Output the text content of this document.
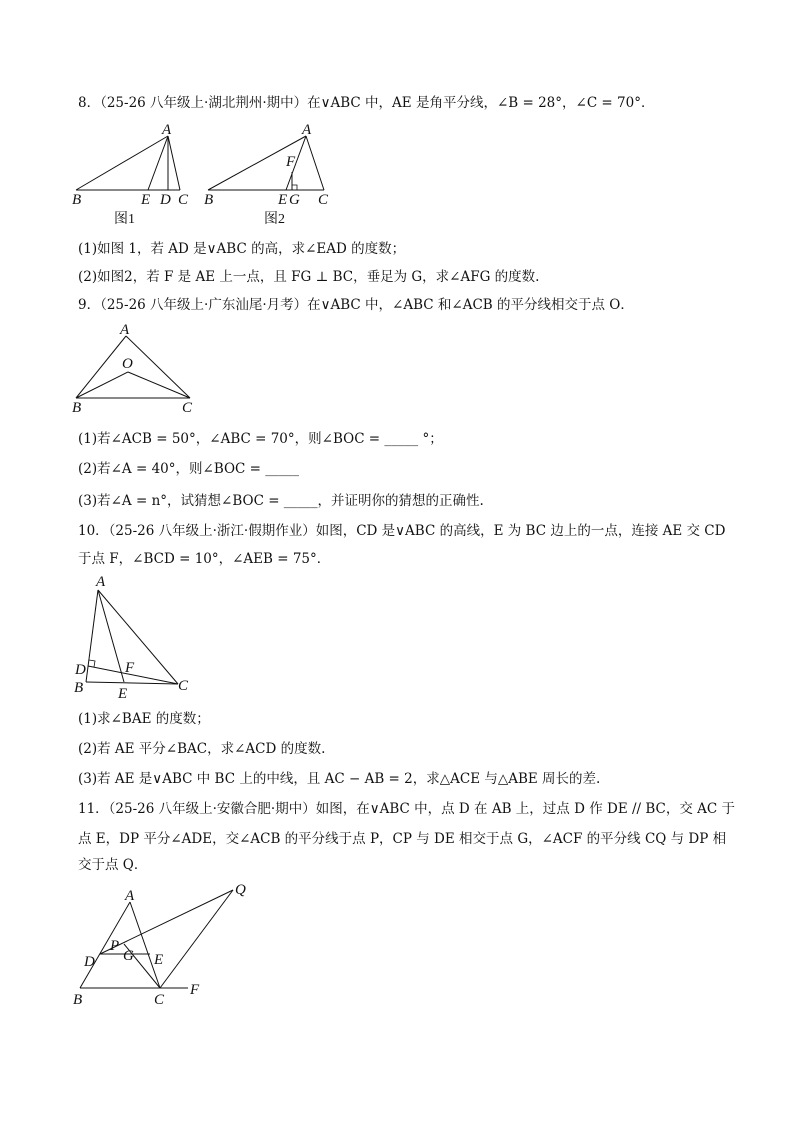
8．（25-26 八年级上·湖北荆州·期中）在∨ABC 中，AE 是角平分线，∠B = 28°，∠C = 70°．
A
B	E D C
图1
A
F
B	E G C
图2
(1)如图 1，若 AD 是∨ABC 的高，求∠EAD 的度数；
(2)如图2，若 F 是 AE 上一点，且 FG ⊥ BC，垂足为 G，求∠AFG 的度数.
9．（25-26 八年级上·广东汕尾·月考）在∨ABC 中，∠ABC 和∠ACB 的平分线相交于点 O．
A
O
B	C
(1)若∠ACB = 50°，∠ABC = 70°，则∠BOC = _____ °；
(2)若∠A = 40°，则∠BOC = _____
(3)若∠A = n°，试猜想∠BOC = _____，并证明你的猜想的正确性.
10．（25-26 八年级上·浙江·假期作业）如图，CD 是∨ABC 的高线，E 为 BC 边上的一点，连接 AE 交 CD
于点 F，∠BCD = 10°，∠AEB = 75°．
A
D	F
B E	C
(1)求∠BAE 的度数；
(2)若 AE 平分∠BAC，求∠ACD 的度数.
(3)若 AE 是∨ABC 中 BC 上的中线，且 AC − AB = 2，求△ACE 与△ABE 周长的差.
11．（25-26 八年级上·安徽合肥·期中）如图，在∨ABC 中，点 D 在 AB 上，过点 D 作 DE // BC，交 AC 于
点 E，DP 平分∠ADE，交∠ACB 的平分线于点 P，CP 与 DE 相交于点 G，∠ACF 的平分线 CQ 与 DP 相
交于点 Q．
A	Q
P
G
D	E
B	C
F
